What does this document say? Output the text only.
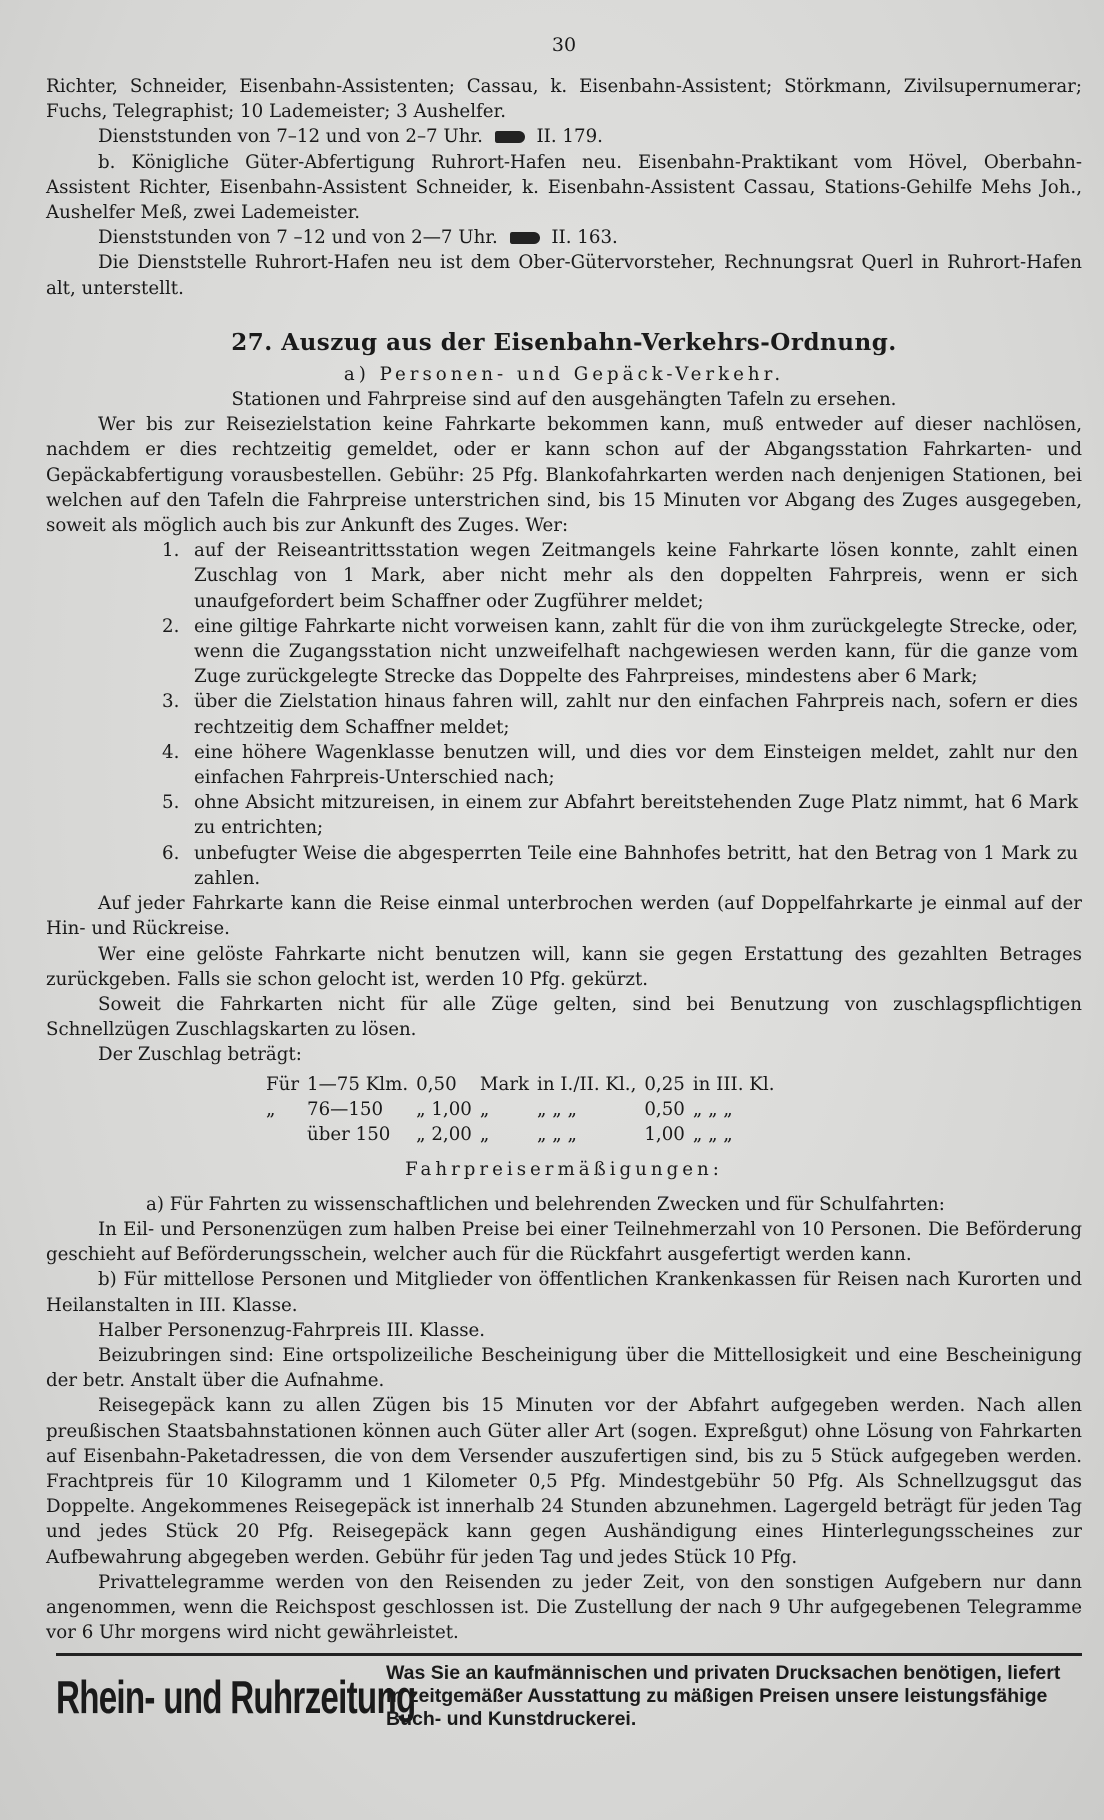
30

Richter, Schneider, Eisenbahn-Assistenten; Cassau, k. Eisenbahn-Assistent; Störkmann, Zivilsupernumerar; Fuchs, Telegraphist; 10 Lademeister; 3 Aushelfer.

Dienststunden von 7–12 und von 2–7 Uhr.	II. 179.

b. Königliche Güter-Abfertigung Ruhrort-Hafen neu. Eisenbahn-Praktikant vom Hövel, Oberbahn-Assistent Richter, Eisenbahn-Assistent Schneider, k. Eisenbahn-Assistent Cassau, Stations-Gehilfe Mehs Joh., Aushelfer Meß, zwei Lademeister.

Dienststunden von 7 –12 und von 2—7 Uhr.	II. 163.

Die Dienststelle Ruhrort-Hafen neu ist dem Ober-Gütervorsteher, Rechnungsrat Querl in Ruhrort-Hafen alt, unterstellt.

27. Auszug aus der Eisenbahn-Verkehrs-Ordnung.

a) Personen- und Gepäck-Verkehr.

Stationen und Fahrpreise sind auf den ausgehängten Tafeln zu ersehen.

Wer bis zur Reisezielstation keine Fahrkarte bekommen kann, muß entweder auf dieser nachlösen, nachdem er dies rechtzeitig gemeldet, oder er kann schon auf der Abgangsstation Fahrkarten- und Gepäckabfertigung vorausbestellen. Gebühr: 25 Pfg. Blankofahrkarten werden nach denjenigen Stationen, bei welchen auf den Tafeln die Fahrpreise unterstrichen sind, bis 15 Minuten vor Abgang des Zuges ausgegeben, soweit als möglich auch bis zur Ankunft des Zuges. Wer:

1. auf der Reiseantrittsstation wegen Zeitmangels keine Fahrkarte lösen konnte, zahlt einen Zuschlag von 1 Mark, aber nicht mehr als den doppelten Fahrpreis, wenn er sich unaufgefordert beim Schaffner oder Zugführer meldet;
2. eine giltige Fahrkarte nicht vorweisen kann, zahlt für die von ihm zurückgelegte Strecke, oder, wenn die Zugangsstation nicht unzweifelhaft nachgewiesen werden kann, für die ganze vom Zuge zurückgelegte Strecke das Doppelte des Fahrpreises, mindestens aber 6 Mark;
3. über die Zielstation hinaus fahren will, zahlt nur den einfachen Fahrpreis nach, sofern er dies rechtzeitig dem Schaffner meldet;
4. eine höhere Wagenklasse benutzen will, und dies vor dem Einsteigen meldet, zahlt nur den einfachen Fahrpreis-Unterschied nach;
5. ohne Absicht mitzureisen, in einem zur Abfahrt bereitstehenden Zuge Platz nimmt, hat 6 Mark zu entrichten;
6. unbefugter Weise die abgesperrten Teile eine Bahnhofes betritt, hat den Betrag von 1 Mark zu zahlen.

Auf jeder Fahrkarte kann die Reise einmal unterbrochen werden (auf Doppelfahrkarte je einmal auf der Hin- und Rückreise.

Wer eine gelöste Fahrkarte nicht benutzen will, kann sie gegen Erstattung des gezahlten Betrages zurückgeben. Falls sie schon gelocht ist, werden 10 Pfg. gekürzt.

Soweit die Fahrkarten nicht für alle Züge gelten, sind bei Benutzung von zuschlagspflichtigen Schnellzügen Zuschlagskarten zu lösen.

Der Zuschlag beträgt:

Für	1—75 Klm.	0,50	Mark	in I./II. Kl.,	0,25	in III. Kl.
„	76—150	„ 1,00	„	„ „ „	0,50	„ „ „
	über 150	„ 2,00	„	„ „ „	1,00	„ „ „

Fahrpreisermäßigungen:

a) Für Fahrten zu wissenschaftlichen und belehrenden Zwecken und für Schulfahrten:

In Eil- und Personenzügen zum halben Preise bei einer Teilnehmerzahl von 10 Personen. Die Beförderung geschieht auf Beförderungsschein, welcher auch für die Rückfahrt ausgefertigt werden kann.

b) Für mittellose Personen und Mitglieder von öffentlichen Krankenkassen für Reisen nach Kurorten und Heilanstalten in III. Klasse.

Halber Personenzug-Fahrpreis III. Klasse.

Beizubringen sind: Eine ortspolizeiliche Bescheinigung über die Mittellosigkeit und eine Bescheinigung der betr. Anstalt über die Aufnahme.

Reisegepäck kann zu allen Zügen bis 15 Minuten vor der Abfahrt aufgegeben werden. Nach allen preußischen Staatsbahnstationen können auch Güter aller Art (sogen. Expreßgut) ohne Lösung von Fahrkarten auf Eisenbahn-Paketadressen, die von dem Versender auszufertigen sind, bis zu 5 Stück aufgegeben werden. Frachtpreis für 10 Kilogramm und 1 Kilometer 0,5 Pfg. Mindestgebühr 50 Pfg. Als Schnellzugsgut das Doppelte. Angekommenes Reisegepäck ist innerhalb 24 Stunden abzunehmen. Lagergeld beträgt für jeden Tag und jedes Stück 20 Pfg. Reisegepäck kann gegen Aushändigung eines Hinterlegungsscheines zur Aufbewahrung abgegeben werden. Gebühr für jeden Tag und jedes Stück 10 Pfg.

Privattelegramme werden von den Reisenden zu jeder Zeit, von den sonstigen Aufgebern nur dann angenommen, wenn die Reichspost geschlossen ist. Die Zustellung der nach 9 Uhr aufgegebenen Telegramme vor 6 Uhr morgens wird nicht gewährleistet.

Rhein- und Ruhrzeitung
Was Sie an kaufmännischen und privaten Drucksachen benötigen, liefert in zeitgemäßer Ausstattung zu mäßigen Preisen unsere leistungsfähige Buch- und Kunstdruckerei.
